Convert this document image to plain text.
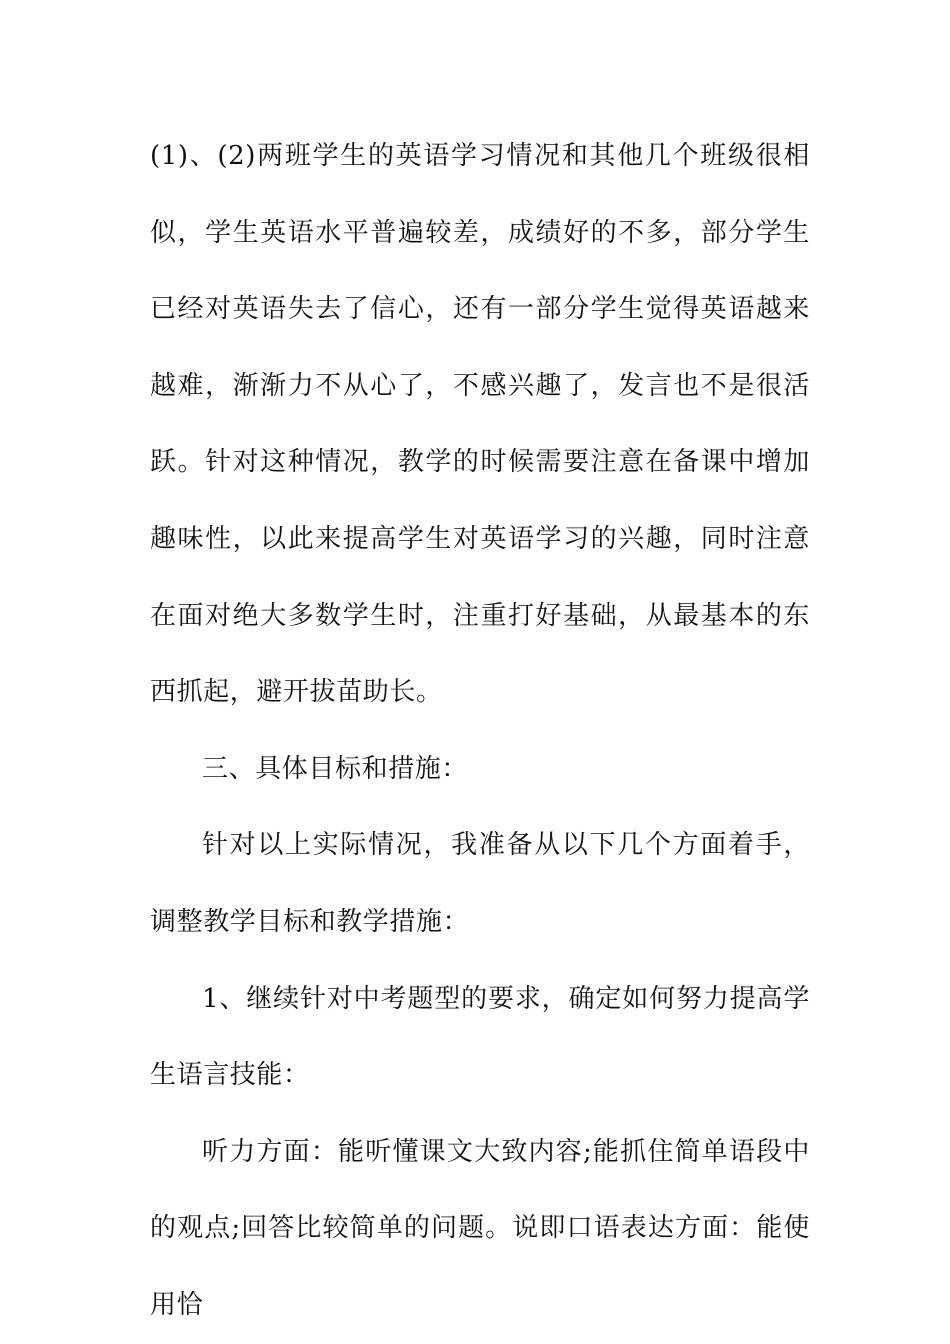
(1)、(2)两班学生的英语学习情况和其他几个班级很相似，学生英语水平普遍较差，成绩好的不多，部分学生已经对英语失去了信心，还有一部分学生觉得英语越来越难，渐渐力不从心了，不感兴趣了，发言也不是很活跃。针对这种情况，教学的时候需要注意在备课中增加趣味性，以此来提高学生对英语学习的兴趣，同时注意在面对绝大多数学生时，注重打好基础，从最基本的东西抓起，避开拔苗助长。

三、具体目标和措施：

针对以上实际情况，我准备从以下几个方面着手，调整教学目标和教学措施：

1、继续针对中考题型的要求，确定如何努力提高学生语言技能：

听力方面：能听懂课文大致内容;能抓住简单语段中的观点;回答比较简单的问题。说即口语表达方面：能使用恰
